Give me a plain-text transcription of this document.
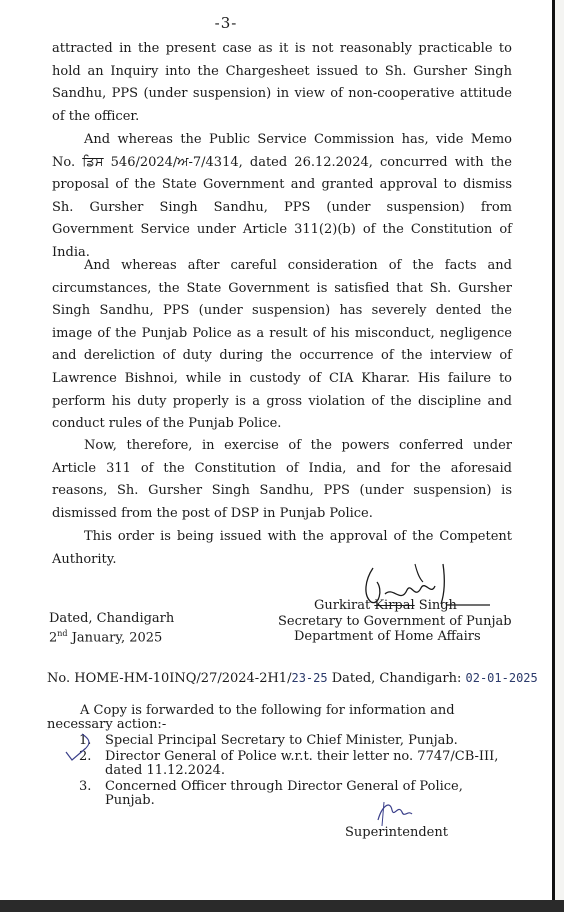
-3-
attracted in the present case as it is not reasonably practicable to hold an Inquiry into the Chargesheet issued to Sh. Gursher Singh Sandhu, PPS (under suspension) in view of non-cooperative attitude of the officer.
And whereas the Public Service Commission has, vide Memo No. ਡਿਸ 546/2024/ਅ-7/4314, dated 26.12.2024, concurred with the proposal of the State Government and granted approval to dismiss Sh. Gursher Singh Sandhu, PPS (under suspension) from Government Service under Article 311(2)(b) of the Constitution of India.
And whereas after careful consideration of the facts and circumstances, the State Government is satisfied that Sh. Gursher Singh Sandhu, PPS (under suspension) has severely dented the image of the Punjab Police as a result of his misconduct, negligence and dereliction of duty during the occurrence of the interview of Lawrence Bishnoi, while in custody of CIA Kharar. His failure to perform his duty properly is a gross violation of the discipline and conduct rules of the Punjab Police.
Now, therefore, in exercise of the powers conferred under Article 311 of the Constitution of India, and for the aforesaid reasons, Sh. Gursher Singh Sandhu, PPS (under suspension) is dismissed from the post of DSP in Punjab Police.
This order is being issued with the approval of the Competent Authority.
Gurkirat Kirpal Singh
Secretary to Government of Punjab
Department of Home Affairs
Dated, Chandigarh
2nd January, 2025
No. HOME-HM-10INQ/27/2024-2H1/23-25 Dated, Chandigarh: 02-01-2025
A Copy is forwarded to the following for information and necessary action:-
1. Special Principal Secretary to Chief Minister, Punjab.
2. Director General of Police w.r.t. their letter no. 7747/CB-III, dated 11.12.2024.
3. Concerned Officer through Director General of Police, Punjab.
Superintendent
